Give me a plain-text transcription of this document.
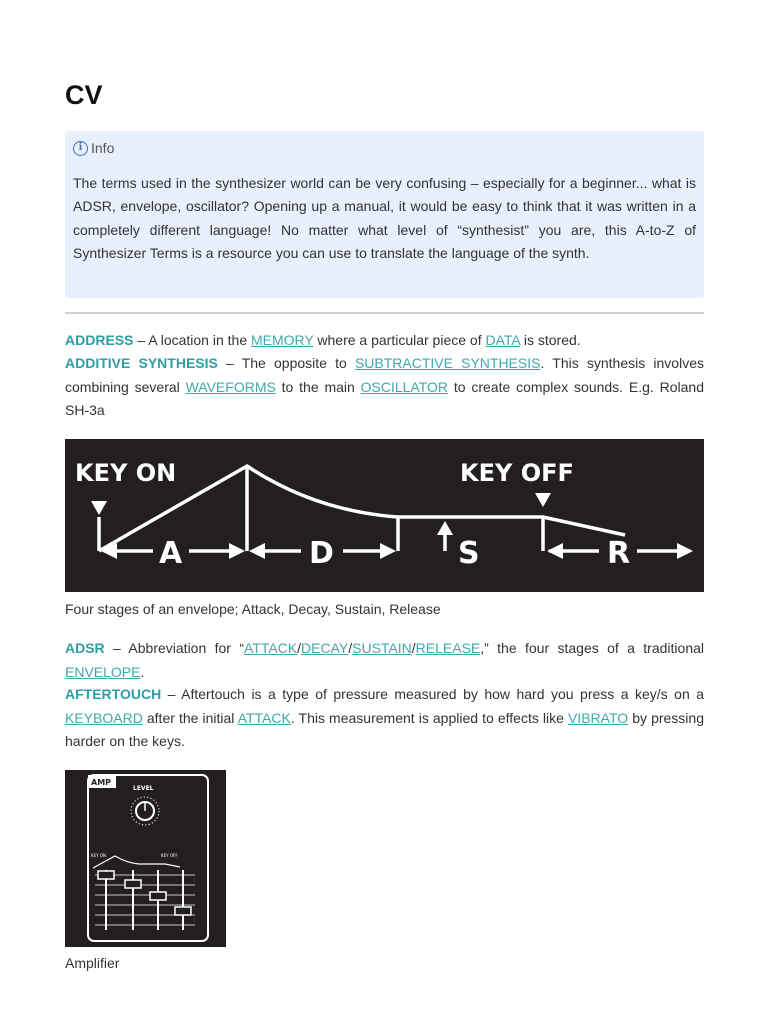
CV
i Info
The terms used in the synthesizer world can be very confusing – especially for a beginner... what is ADSR, envelope, oscillator? Opening up a manual, it would be easy to think that it was written in a completely different language! No matter what level of “synthesist” you are, this A-to-Z of Synthesizer Terms is a resource you can use to translate the language of the synth.
ADDRESS – A location in the MEMORY where a particular piece of DATA is stored.
ADDITIVE SYNTHESIS – The opposite to SUBTRACTIVE SYNTHESIS. This synthesis involves combining several WAVEFORMS to the main OSCILLATOR to create complex sounds. E.g. Roland SH-3a
KEY ON	KEY OFF
A	D	S	R
Four stages of an envelope; Attack, Decay, Sustain, Release
ADSR – Abbreviation for “ATTACK/DECAY/SUSTAIN/RELEASE,” the four stages of a traditional ENVELOPE.
AFTERTOUCH – Aftertouch is a type of pressure measured by how hard you press a key/s on a KEYBOARD after the initial ATTACK. This measurement is applied to effects like VIBRATO by pressing harder on the keys.
AMP
LEVEL
KEY ON	KEY OFF
Amplifier
